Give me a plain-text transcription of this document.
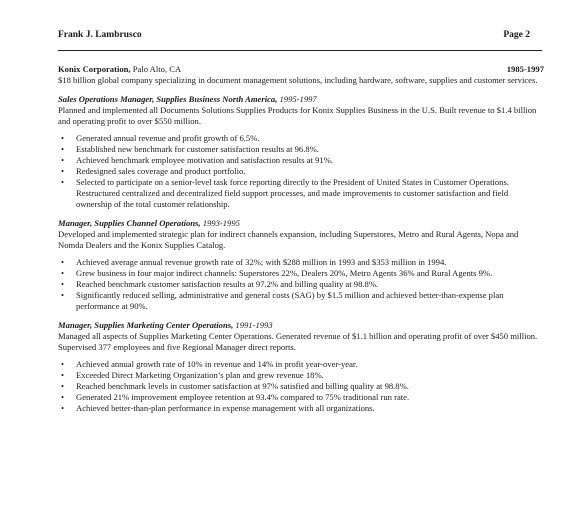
Frank J. Lambrusco	Page 2
Konix Corporation, Palo Alto, CA	1985-1997

$18 billion global company specializing in document management solutions, including hardware, software, supplies and customer services.

Sales Operations Manager, Supplies Business North America, 1995-1997

Planned and implemented all Documents Solutions Supplies Products for Konix Supplies Business in the U.S. Built revenue to $1.4 billion and operating profit to over $550 million.

• Generated annual revenue and profit growth of 6.5%.
• Established new benchmark for customer satisfaction results at 96.8%.
• Achieved benchmark employee motivation and satisfaction results at 91%.
• Redesigned sales coverage and product portfolio.
• Selected to participate on a senior-level task force reporting directly to the President of United States in Customer Operations. Restructured centralized and decentralized field support processes, and made improvements to customer satisfaction and field ownership of the total customer relationship.
Manager, Supplies Channel Operations, 1993-1995

Developed and implemented strategic plan for indirect channels expansion, including Superstores, Metro and Rural Agents, Nopa and Nomda Dealers and the Konix Supplies Catalog.

• Achieved average annual revenue growth rate of 32%; with $288 million in 1993 and $353 million in 1994.
• Grew business in four major indirect channels: Superstores 22%, Dealers 20%, Metro Agents 36% and Rural Agents 9%.
• Reached benchmark customer satisfaction results at 97.2% and billing quality at 98.8%.
• Significantly reduced selling, administrative and general costs (SAG) by $1.5 million and achieved better-than-expense plan performance at 90%.
Manager, Supplies Marketing Center Operations, 1991-1993

Managed all aspects of Supplies Marketing Center Operations. Generated revenue of $1.1 billion and operating profit of over $450 million. Supervised 377 employees and five Regional Manager direct reports.

• Achieved annual growth rate of 10% in revenue and 14% in profit year-over-year.
• Exceeded Direct Marketing Organization’s plan and grew revenue 18%.
• Reached benchmark levels in customer satisfaction at 97% satisfied and billing quality at 98.8%.
• Generated 21% improvement employee retention at 93.4% compared to 75% traditional run rate.
• Achieved better-than-plan performance in expense management with all organizations.
